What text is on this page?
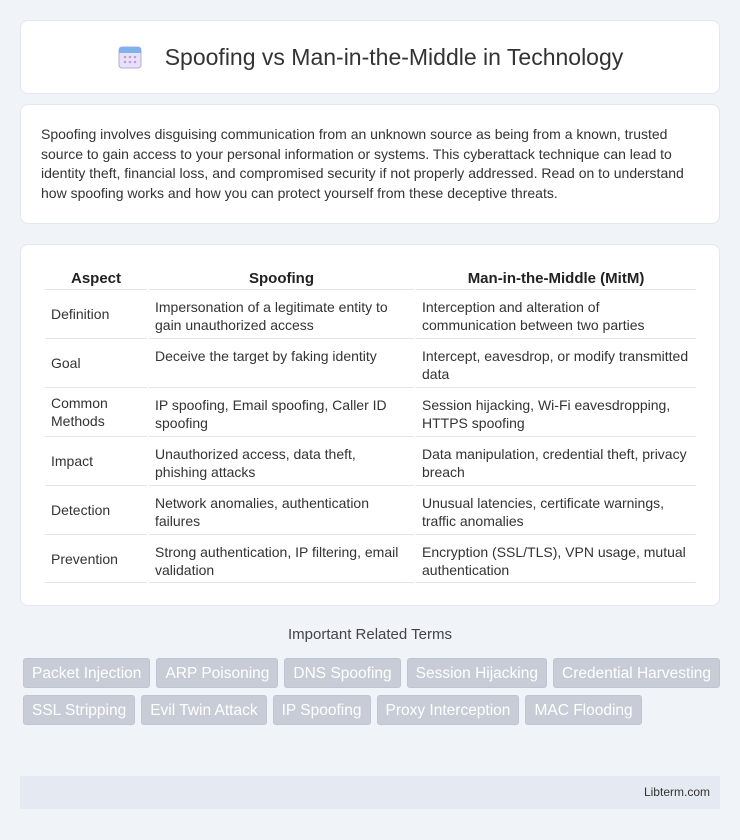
Spoofing vs Man-in-the-Middle in Technology

Spoofing involves disguising communication from an unknown source as being from a known, trusted source to gain access to your personal information or systems. This cyberattack technique can lead to identity theft, financial loss, and compromised security if not properly addressed. Read on to understand how spoofing works and how you can protect yourself from these deceptive threats.

Aspect	Spoofing	Man-in-the-Middle (MitM)
Definition	Impersonation of a legitimate entity to gain unauthorized access	Interception and alteration of communication between two parties
Goal	Deceive the target by faking identity	Intercept, eavesdrop, or modify transmitted data
Common Methods	IP spoofing, Email spoofing, Caller ID spoofing	Session hijacking, Wi-Fi eavesdropping, HTTPS spoofing
Impact	Unauthorized access, data theft, phishing attacks	Data manipulation, credential theft, privacy breach
Detection	Network anomalies, authentication failures	Unusual latencies, certificate warnings, traffic anomalies
Prevention	Strong authentication, IP filtering, email validation	Encryption (SSL/TLS), VPN usage, mutual authentication
Important Related Terms
Packet Injection	ARP Poisoning	DNS Spoofing	Session Hijacking	Credential Harvesting
SSL Stripping	Evil Twin Attack	IP Spoofing	Proxy Interception	MAC Flooding
Libterm.com
